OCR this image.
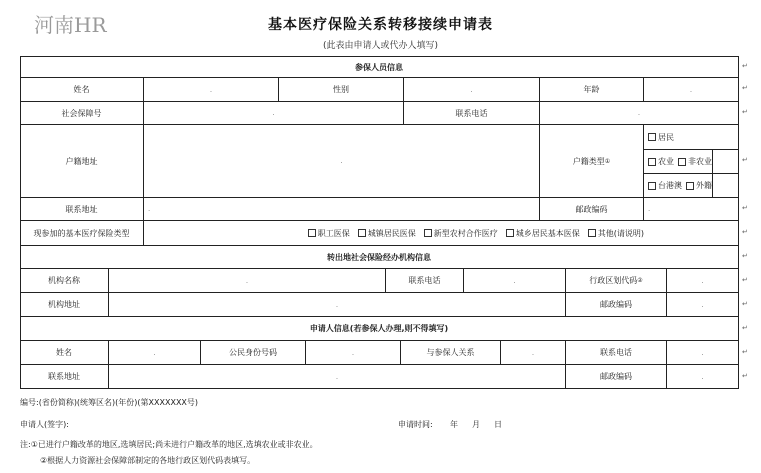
河南HR	基本医疗保险关系转移接续申请表
(此表由申请人或代办人填写)
参保人员信息
姓名	.	性别	.	年龄	.
社会保障号	.	联系电话	.
户籍地址	.	户籍类型 ①
居民
农业 非农业
台港澳 外籍
联系地址	.	邮政编码	.
现参加的基本医疗保险类型	职工医保 城镇居民医保 新型农村合作医疗 城乡居民基本医保 其他(请说明)
转出地社会保险经办机构信息
机构名称	.	联系电话	.	行政区划代码 ②	.
机构地址	.	邮政编码	.
申请人信息(若参保人办理,则不得填写)
姓名	.	公民身份号码	.	与参保人关系	.	联系电话	.
联系地址	.	邮政编码	.
↵
↵
↵
↵
↵
↵
↵
↵
↵
↵
↵
↵
编号:(省份简称)(统筹区名)(年份)(第XXXXXXX号)
申请人(签字):	申请时间: 年 月 日
注:①已进行户籍改革的地区,选填居民;尚未进行户籍改革的地区,选填农业或非农业。
②根据人力资源社会保障部制定的各地行政区划代码表填写。
